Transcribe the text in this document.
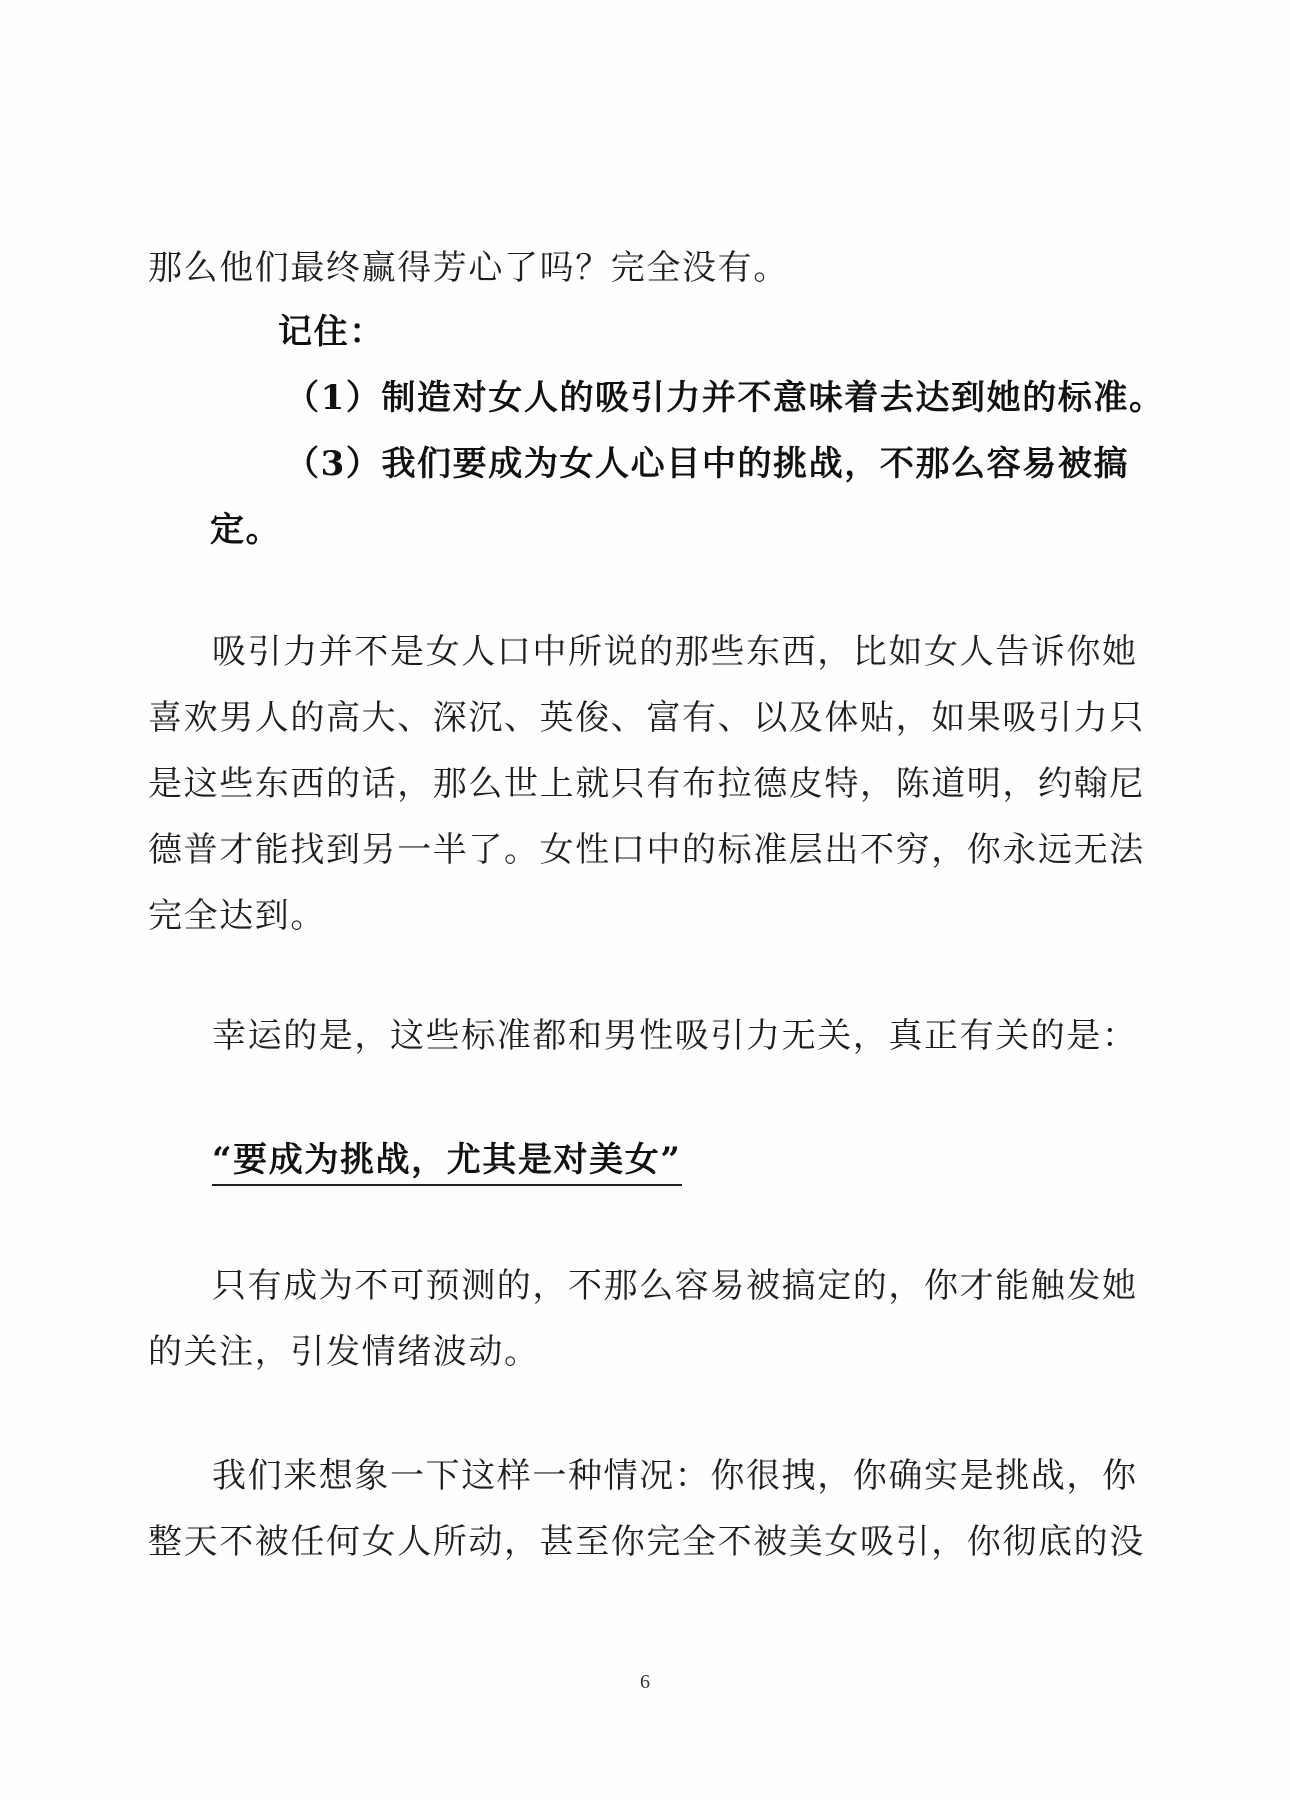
那么他们最终赢得芳心了吗？完全没有。
记住：
（1）制造对女人的吸引力并不意味着去达到她的标准。
（3）我们要成为女人心目中的挑战，不那么容易被搞
定。
吸引力并不是女人口中所说的那些东西，比如女人告诉你她
喜欢男人的高大、深沉、英俊、富有、以及体贴，如果吸引力只
是这些东西的话，那么世上就只有布拉德皮特，陈道明，约翰尼
德普才能找到另一半了。女性口中的标准层出不穷，你永远无法
完全达到。
幸运的是，这些标准都和男性吸引力无关，真正有关的是：
“要成为挑战，尤其是对美女”
只有成为不可预测的，不那么容易被搞定的，你才能触发她
的关注，引发情绪波动。
我们来想象一下这样一种情况：你很拽，你确实是挑战，你
整天不被任何女人所动，甚至你完全不被美女吸引，你彻底的没
6
